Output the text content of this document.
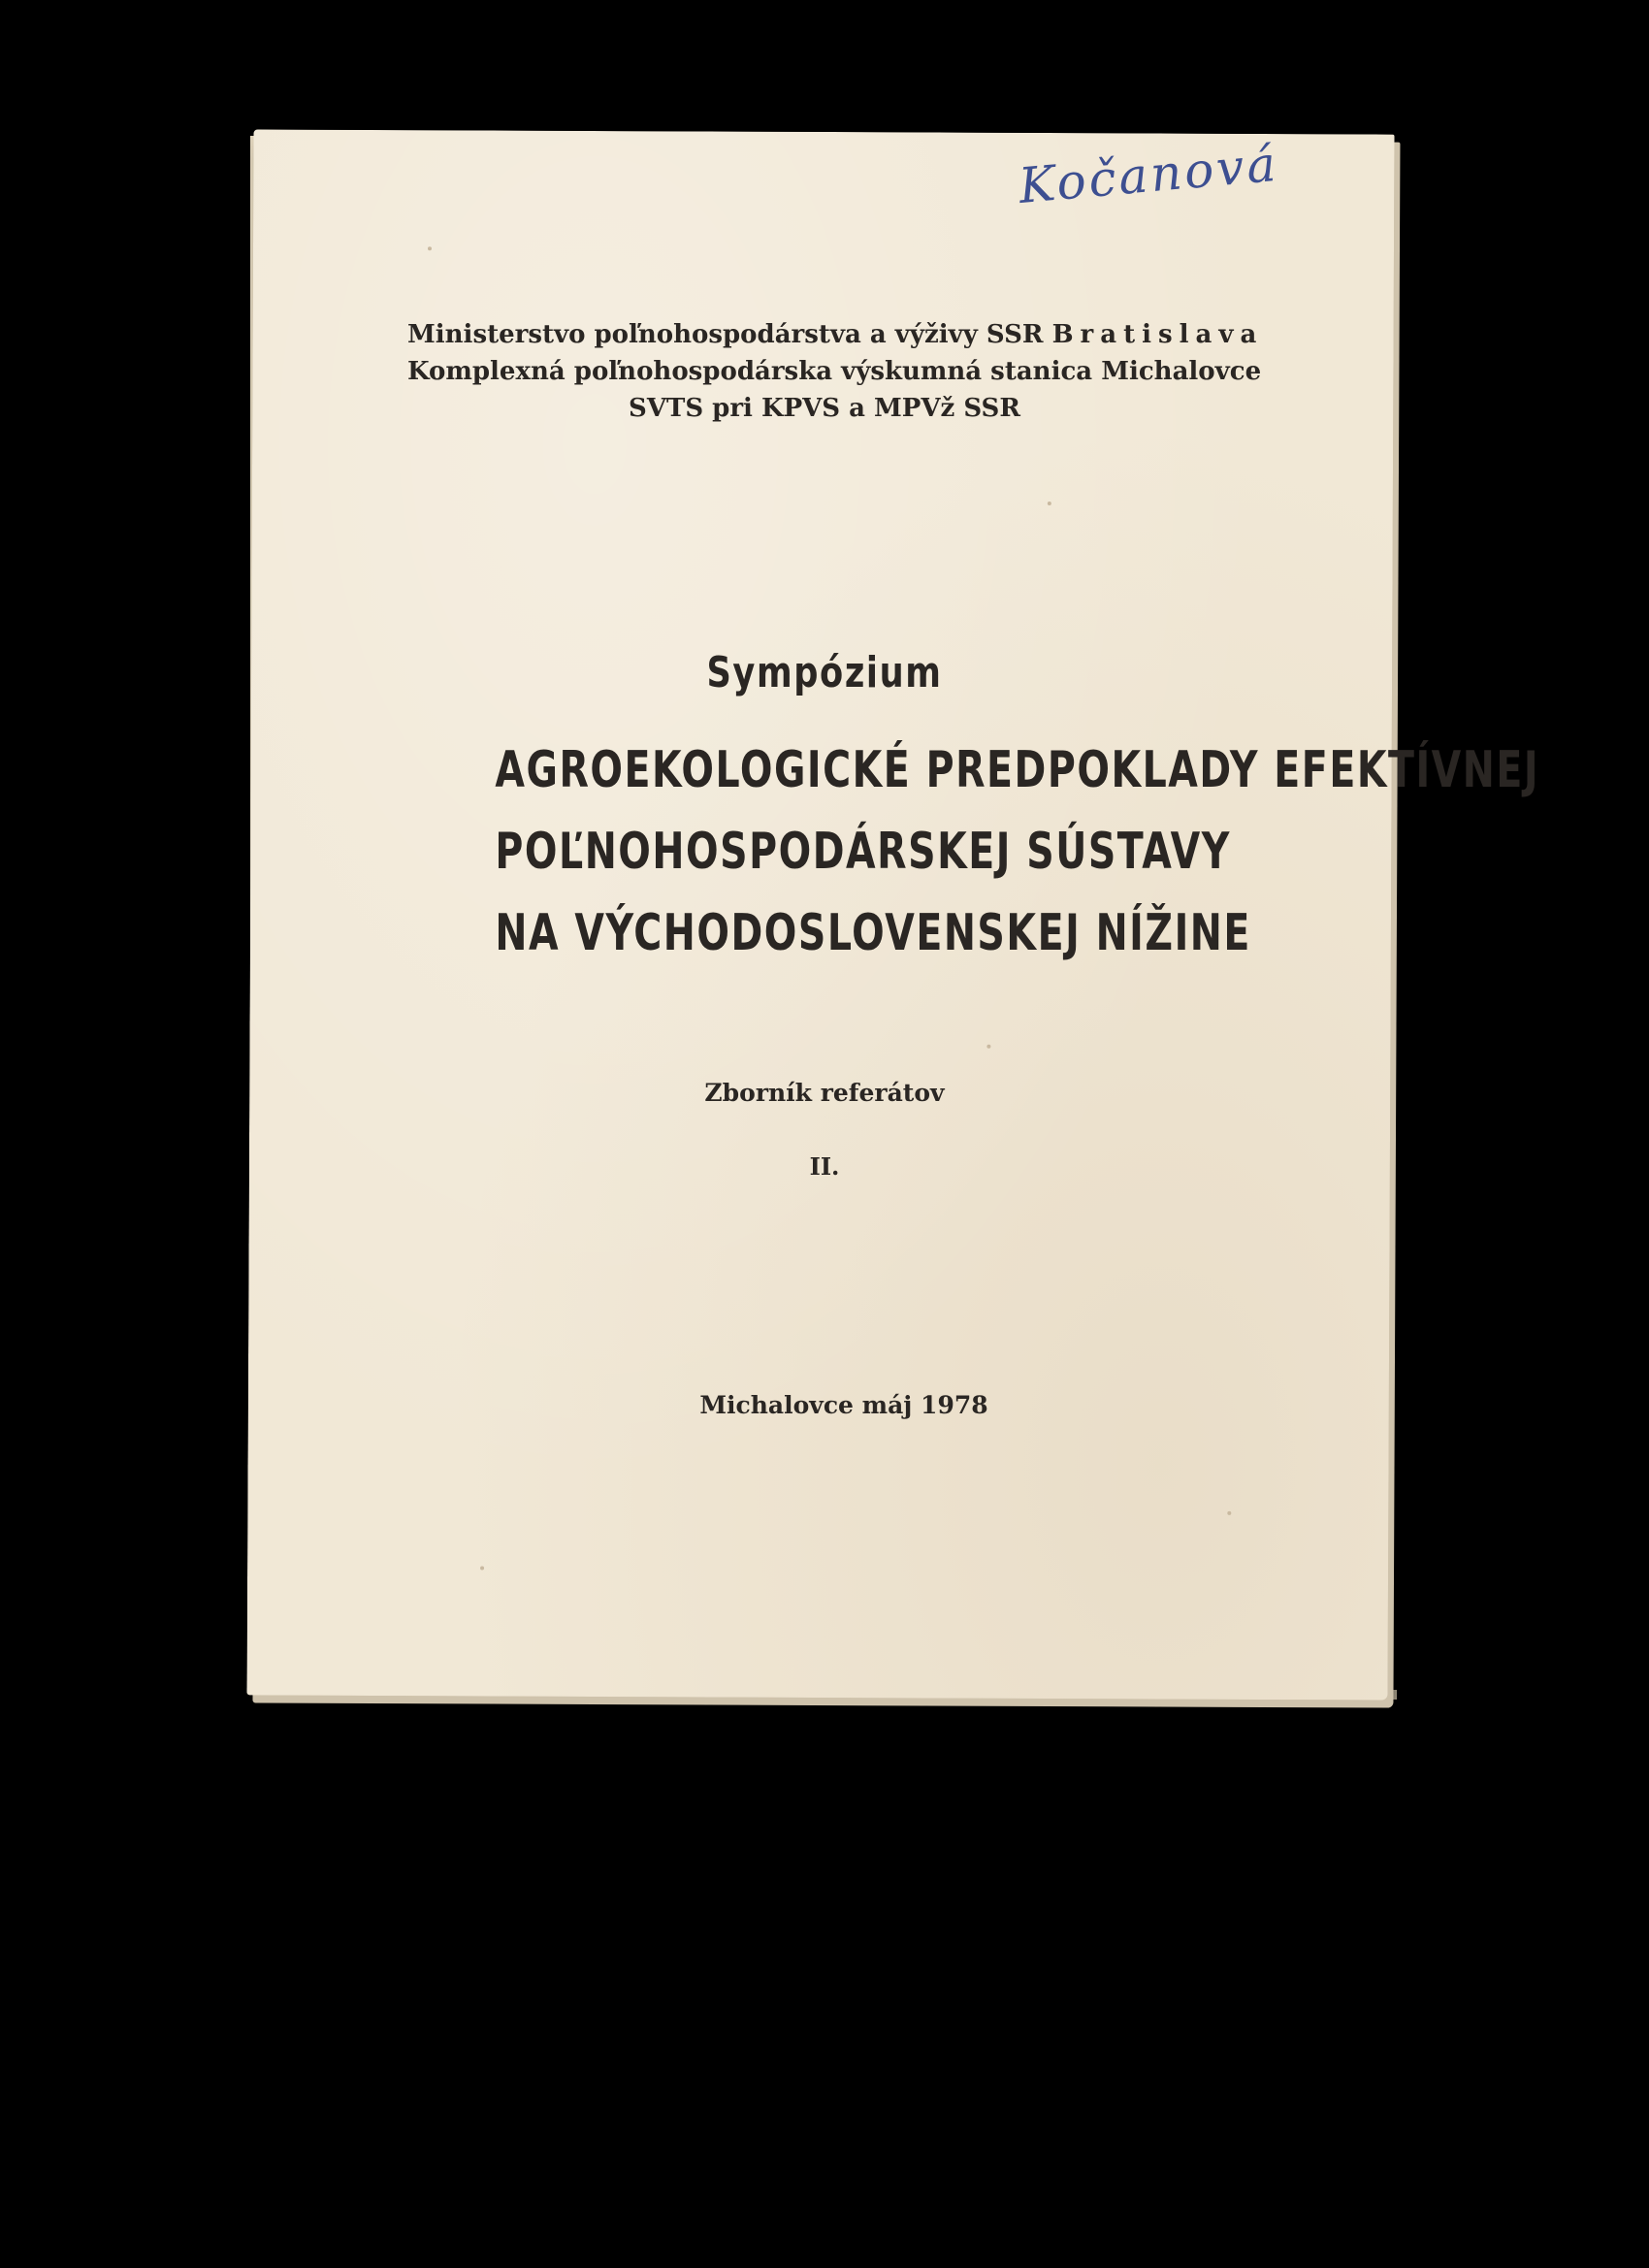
Kočanová
Ministerstvo poľnohospodárstva a výživy SSR Bratislava
Komplexná poľnohospodárska výskumná stanica Michalovce
SVTS pri KPVS a MPVž SSR
Sympózium
AGROEKOLOGICKÉ PREDPOKLADY EFEKTÍVNEJ
POĽNOHOSPODÁRSKEJ SÚSTAVY
NA VÝCHODOSLOVENSKEJ NÍŽINE
Zborník referátov
II.
Michalovce máj 1978
